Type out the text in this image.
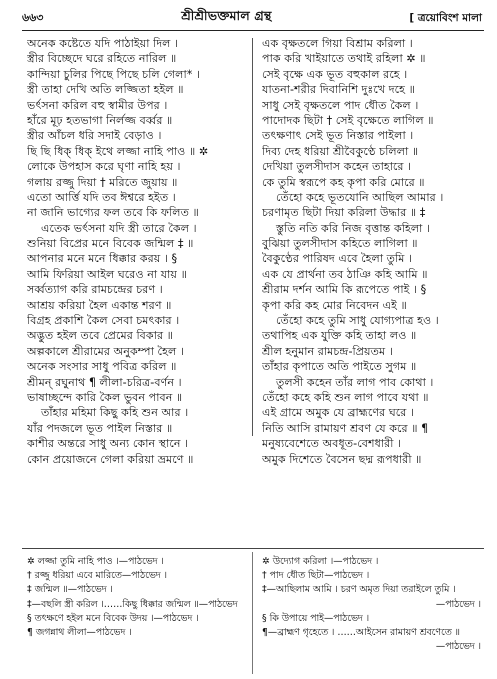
৬৬৩	শ্রীশ্রীভক্তমাল গ্রন্থ	[ ত্রয়োবিংশ মালা
অনেক কষ্টেতে যদি পাঠাইয়া দিল ।
স্ত্রীর বিচ্ছেদে ঘরে রহিতে নারিল ॥
কান্দিয়া চুলির পিছে পিছে চলি গেলা* ।
স্ত্রী তাহা দেখি অতি লজ্জিতা হইল ॥
ভর্ৎসনা করিল বহু স্বামীর উপর ।
হাঁরে মূঢ় হতভাগা নির্লজ্জ বর্ব্বর ॥
স্ত্রীর আঁচল ধরি সদাই বেড়াও ।
ছি ছি ধিক্ ধিক্ ইথে লজ্জা নাহি পাও ॥ ✲
লোকে উপহাস করে ঘৃণা নাহি হয় ।
গলায় রজ্জু দিয়া † মরিতে জুয়ায় ॥
এতো আর্ত্তি যদি তব ঈশ্বরে হইত ।
না জানি ভাগ্যের ফল তবে কি ফলিত ॥
এতেক ভর্ৎসনা যদি স্ত্রী তারে কৈল ।
শুনিয়া বিপ্রের মনে বিবেক জন্মিল ‡ ॥
আপনার মনে মনে ধিক্কার করয় । §
আমি ফিরিয়া আইল ঘরেও না যায় ॥
সর্ব্বত্যাগ করি রামচন্দ্রের চরণ ।
আশ্রয় করিয়া হৈল একান্ত শরণ ॥
বিগ্রহ প্রকাশি কৈল সেবা চমৎকার ।
অদ্ভুত হইল তবে প্রেমের বিকার ॥
অল্পকালে শ্রীরামের অনুকম্পা হৈল ।
অনেক সংসার সাধু পবিত্র করিল ॥
শ্রীমন্ রঘুনাথ ¶ লীলা-চরিত্র-বর্ণন ।
ভাষাচ্ছন্দে কারি কৈল ভুবন পাবন ॥
তাঁহার মহিমা কিছু কহি শুন আর ।
যাঁর পদজলে ভূত পাইল নিস্তার ॥
কাশীর অন্তরে সাধু অন্য কোন স্থানে ।
কোন প্রয়োজনে গেলা করিয়া ভ্রমণে ॥
এক বৃক্ষতলে গিয়া বিশ্রাম করিলা ।
পাক করি খাইয়াতে তথাই রহিলা ✲ ॥
সেই বৃক্ষে এক ভূত বহুকাল রহে ।
যাতনা-শরীর দিবানিশি দুঃখে দহে ॥
সাধু সেই বৃক্ষতলে পাদ ধৌত কৈল ।
পাদোদক ছিটা † সেই বৃক্ষেতে লাগিল ॥
তৎক্ষণাৎ সেই ভূত নিস্তার পাইলা ।
দিব্য দেহ ধরিয়া শ্রীবৈকুণ্ঠে চলিলা ॥
দেখিয়া তুলসীদাস কহেন তাহারে ।
কে তুমি স্বরূপে কহ কৃপা করি মোরে ॥
তেঁহো কহে ভূতযোনি আছিল আমার ।
চরণামৃত ছিটা দিয়া করিলা উদ্ধার ॥ ‡
স্তুতি নতি করি নিজ বৃত্তান্ত কহিলা ।
বুঝিয়া তুলসীদাস কহিতে লাগিলা ॥
বৈকুণ্ঠের পারিষদ এবে হৈলা তুমি ।
এক যে প্রার্থনা তব ঠাঞি কহি আমি ॥
শ্রীরাম দর্শন আমি কি রূপেতে পাই । §
কৃপা করি কহ মোর নিবেদন এই ॥
তেঁহো কহে তুমি সাধু যোগ্যপাত্র হও ।
তথাপিহ এক যুক্তি কহি তাহা লও ॥
শ্রীল হনুমান রামচন্দ্র-প্রিয়তম ।
তাঁহার কৃপাতে অতি পাইতে সুগম ॥
তুলসী কহেন তাঁর লাগ পাব কোথা ।
তেঁহো কহে কহি শুন লাগ পাবে যথা ॥
এই গ্রামে অমুক যে ব্রাহ্মণের ঘরে ।
নিতি আসি রামায়ণ শ্রবণ যে করে ॥ ¶
মনুষ্যবেশেতে অবধূত-বেশধারী ।
অমুক দিশেতে বৈসেন ছদ্ম রূপধারী ॥
✲ লজ্জা তুমি নাহি পাও ।—পাঠভেদ ।
† রজ্জু ধরিয়া এবে মারিতে—পাঠভেদ ।
‡ জন্মিল ॥—পাঠভেদ ।
‡—বছলি স্ত্রী করিল ।……কিছু ধিক্কার জন্মিল ॥—পাঠভেদ
§ তৎক্ষণে হইল মনে বিবেক উদয় ।—পাঠভেদ ।
¶ জগন্নাথ লীলা—পাঠভেদ ।
✲ উদ্যোগ করিলা ।—পাঠভেদ ।
† পাদ ধৌত ছিটা—পাঠভেদ ।
‡—আছিলাম আমি । চরণ অমৃত দিয়া তরাইলে তুমি ।
—পাঠভেদ ।
§ কি উপায়ে পাই—পাঠভেদ ।
¶—ব্রাহ্মণ গৃহেতে । ……আইসেন রামায়ণ শ্রবণেতে ॥
—পাঠভেদ ।
